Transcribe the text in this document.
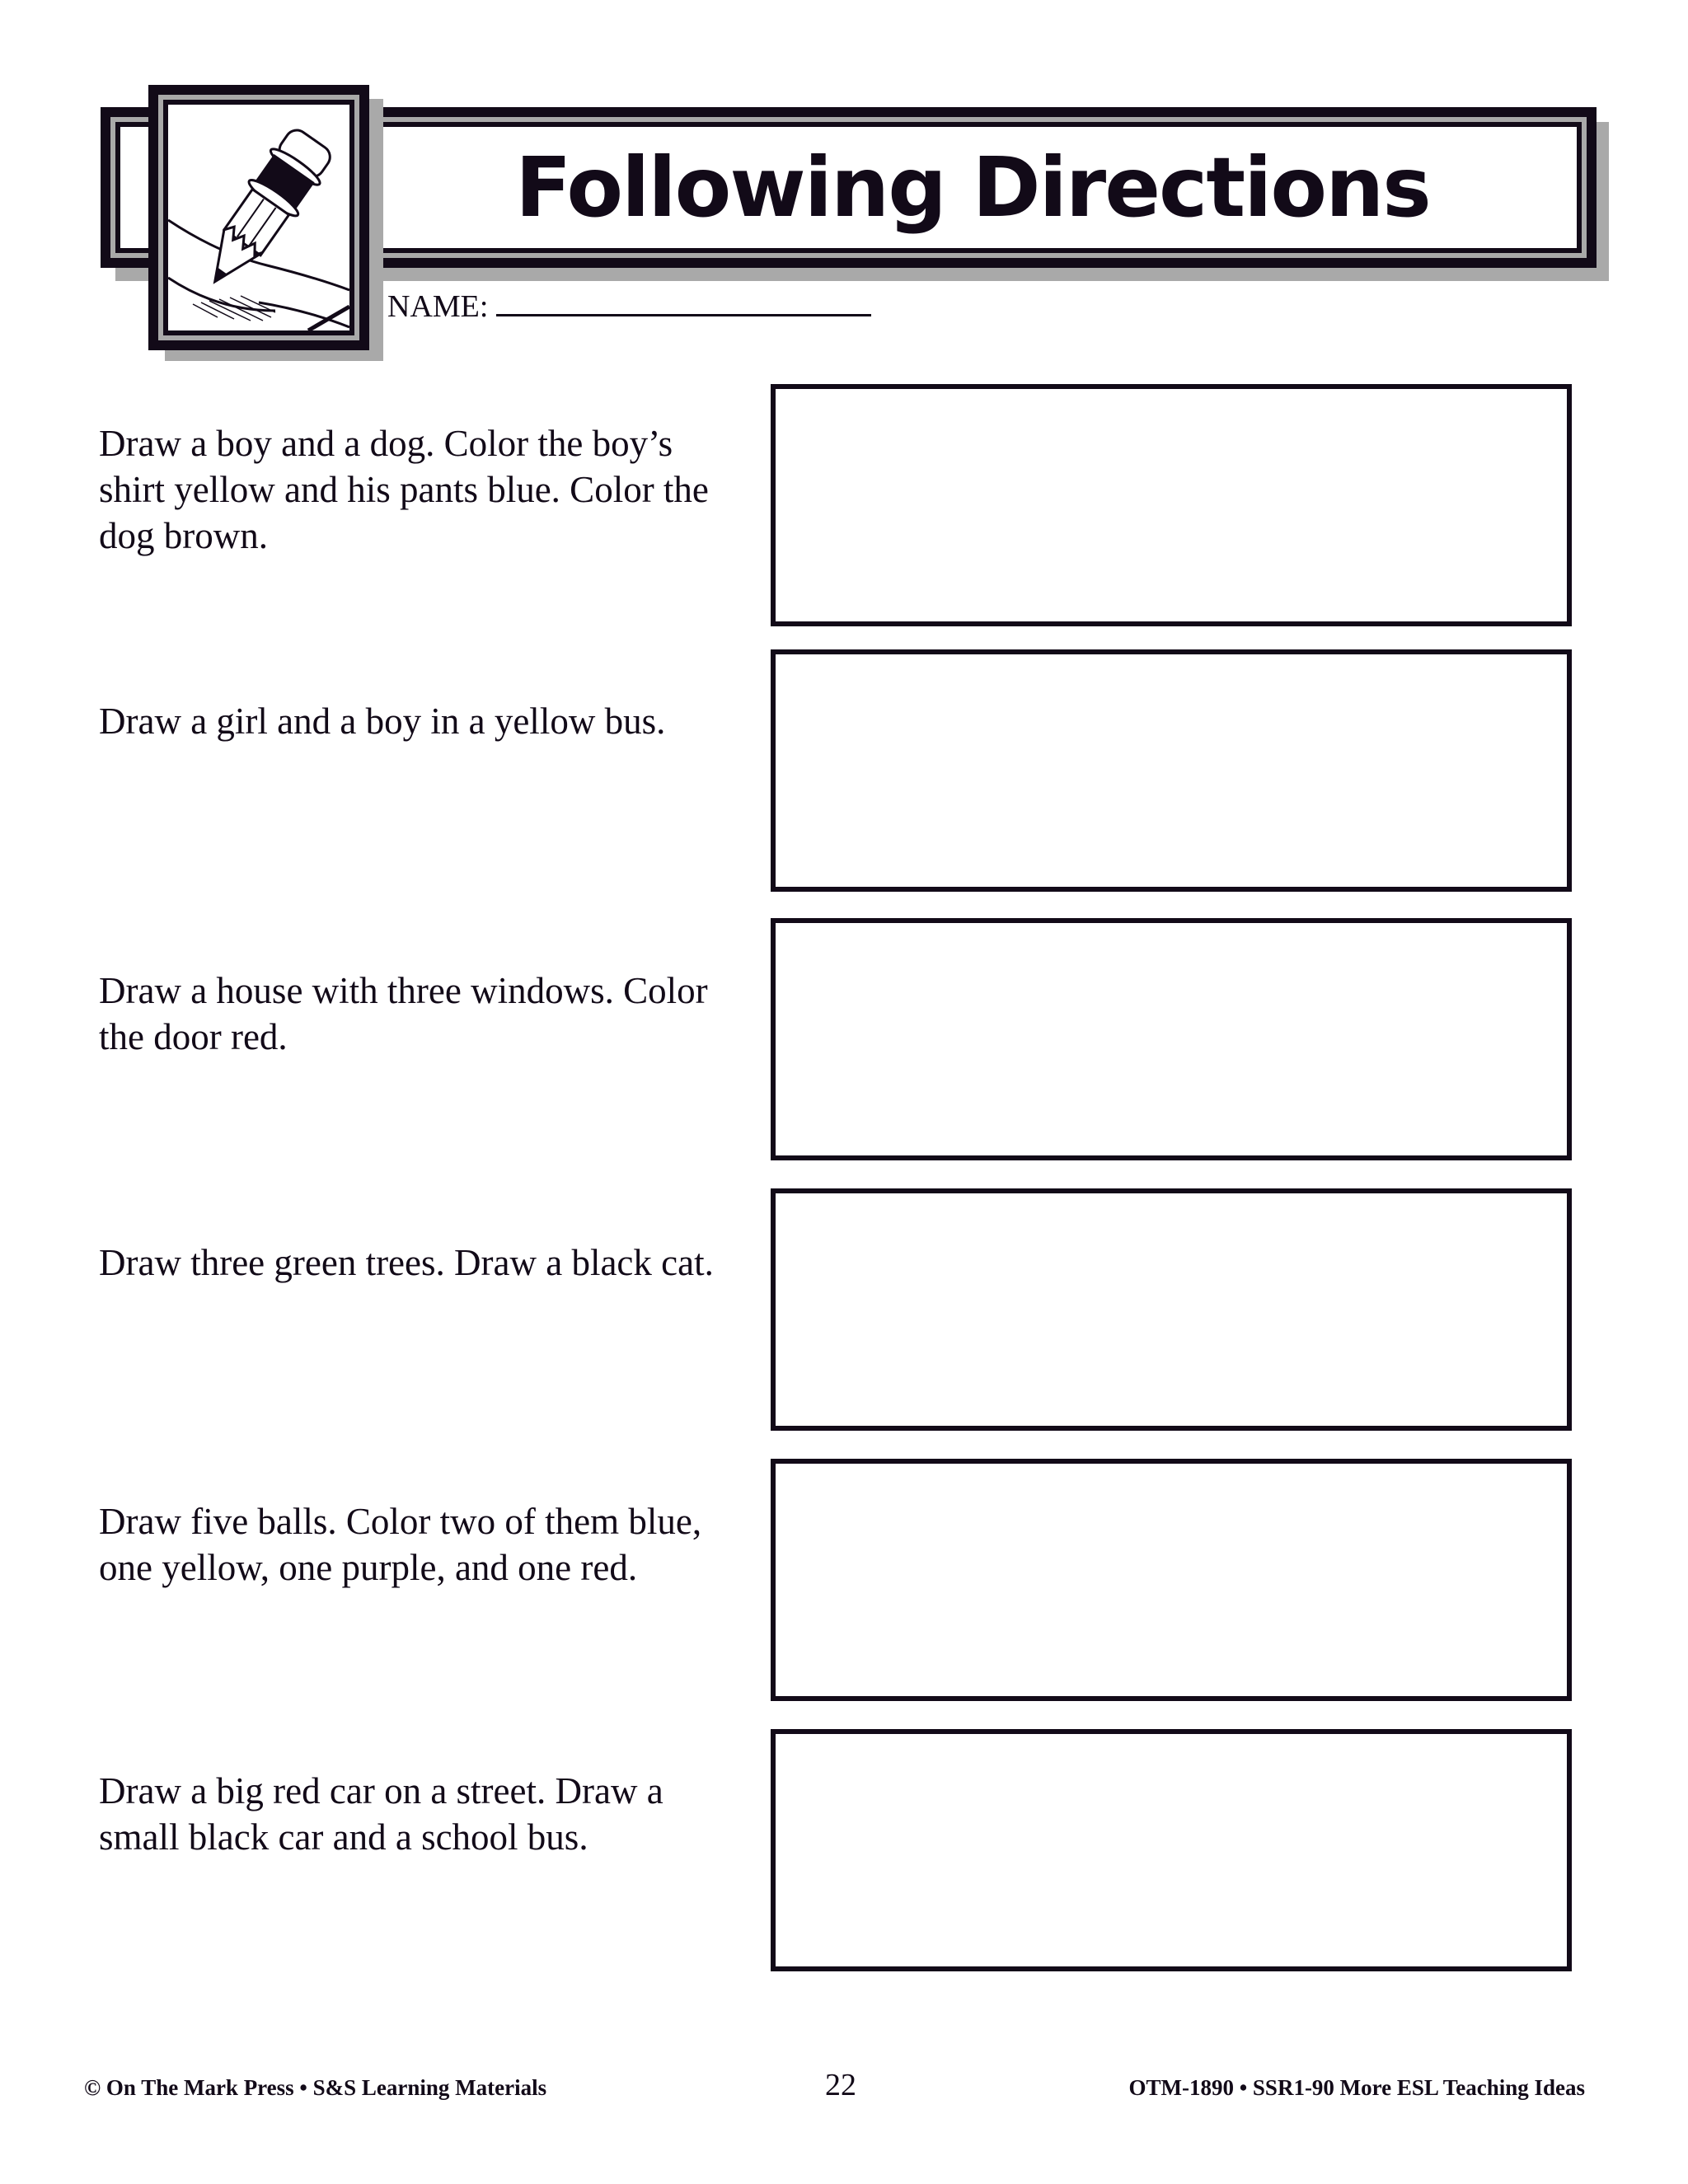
Following Directions
NAME:
Draw a boy and a dog. Color the boy’s shirt yellow and his pants blue. Color the dog brown.
Draw a girl and a boy in a yellow bus.
Draw a house with three windows. Color the door red.
Draw three green trees. Draw a black cat.
Draw five balls. Color two of them blue, one yellow, one purple, and one red.
Draw a big red car on a street. Draw a small black car and a school bus.
© On The Mark Press • S&S Learning Materials	22	OTM-1890 • SSR1-90 More ESL Teaching Ideas
